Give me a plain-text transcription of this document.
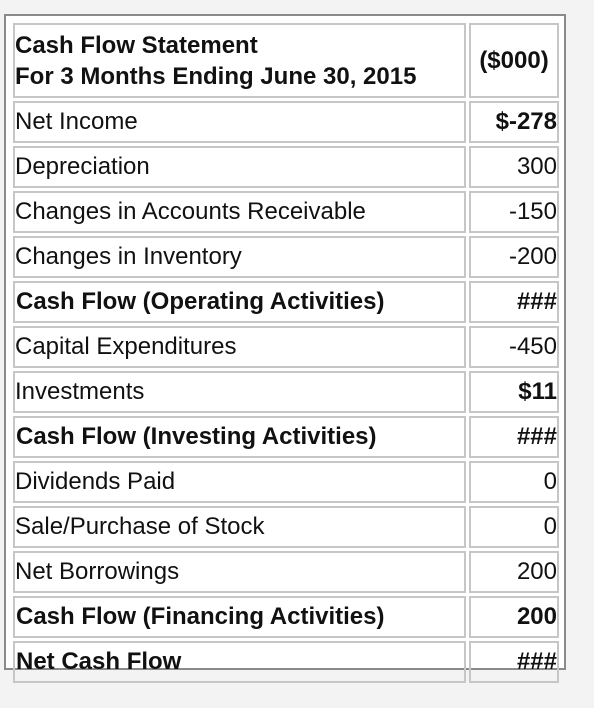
Cash Flow Statement
For 3 Months Ending June 30, 2015	($000)
Net Income	$-278
Depreciation	300
Changes in Accounts Receivable	-150
Changes in Inventory	-200
Cash Flow (Operating Activities)	###
Capital Expenditures	-450
Investments	$11
Cash Flow (Investing Activities)	###
Dividends Paid	0
Sale/Purchase of Stock	0
Net Borrowings	200
Cash Flow (Financing Activities)	200
Net Cash Flow	###
